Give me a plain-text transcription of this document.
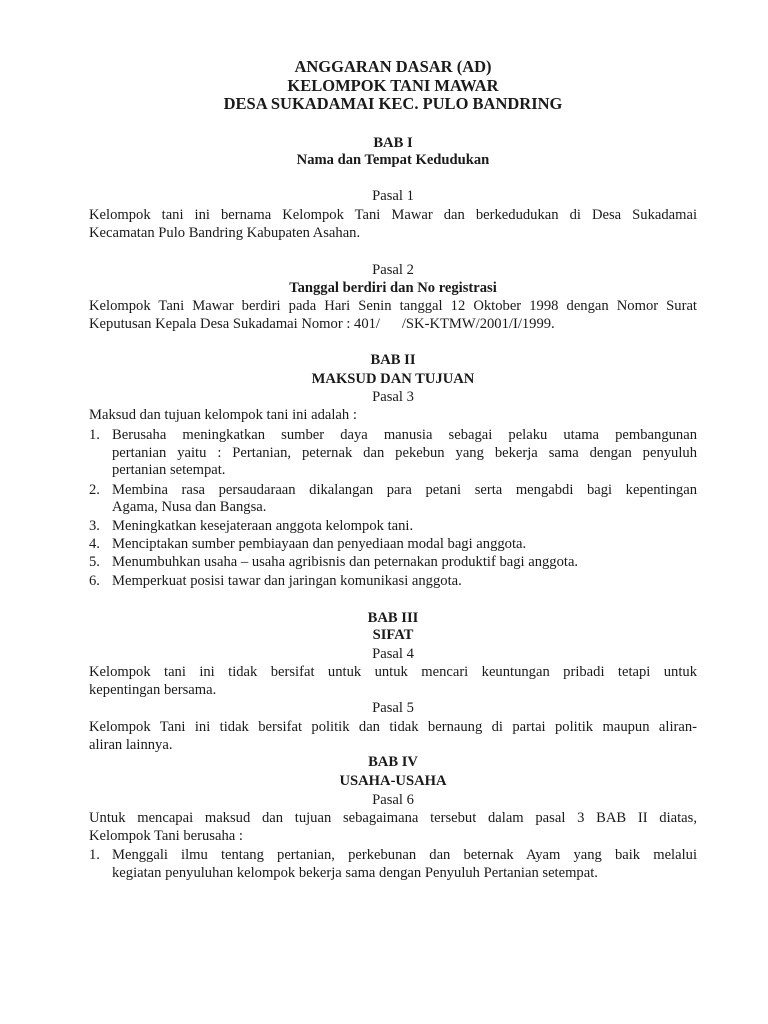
ANGGARAN DASAR (AD)
KELOMPOK TANI MAWAR
DESA SUKADAMAI KEC. PULO BANDRING
BAB I
Nama dan Tempat Kedudukan
Pasal 1
Kelompok tani ini bernama Kelompok Tani Mawar dan berkedudukan di Desa Sukadamai
Kecamatan Pulo Bandring Kabupaten Asahan.
Pasal 2
Tanggal berdiri dan No registrasi
Kelompok Tani Mawar berdiri pada Hari Senin tanggal 12 Oktober 1998 dengan Nomor Surat
Keputusan Kepala Desa Sukadamai Nomor : 401/      /SK-KTMW/2001/I/1999.
BAB II
MAKSUD DAN TUJUAN
Pasal 3
Maksud dan tujuan kelompok tani ini adalah :
1. Berusaha meningkatkan sumber daya manusia sebagai pelaku utama pembangunan
pertanian yaitu : Pertanian, peternak dan pekebun yang bekerja sama dengan penyuluh
pertanian setempat.
2. Membina rasa persaudaraan dikalangan para petani serta mengabdi bagi kepentingan
Agama, Nusa dan Bangsa.
3. Meningkatkan kesejateraan anggota kelompok tani.
4. Menciptakan sumber pembiayaan dan penyediaan modal bagi anggota.
5. Menumbuhkan usaha – usaha agribisnis dan peternakan produktif bagi anggota.
6. Memperkuat posisi tawar dan jaringan komunikasi anggota.
BAB III
SIFAT
Pasal 4
Kelompok tani ini tidak bersifat untuk untuk mencari keuntungan pribadi tetapi untuk
kepentingan bersama.
Pasal 5
Kelompok Tani ini tidak bersifat politik dan tidak bernaung di partai politik maupun aliran-
aliran lainnya.
BAB IV
USAHA-USAHA
Pasal 6
Untuk mencapai maksud dan tujuan sebagaimana tersebut dalam pasal 3 BAB II diatas,
Kelompok Tani berusaha :
1. Menggali ilmu tentang pertanian, perkebunan dan beternak Ayam yang baik melalui
kegiatan penyuluhan kelompok bekerja sama dengan Penyuluh Pertanian setempat.
